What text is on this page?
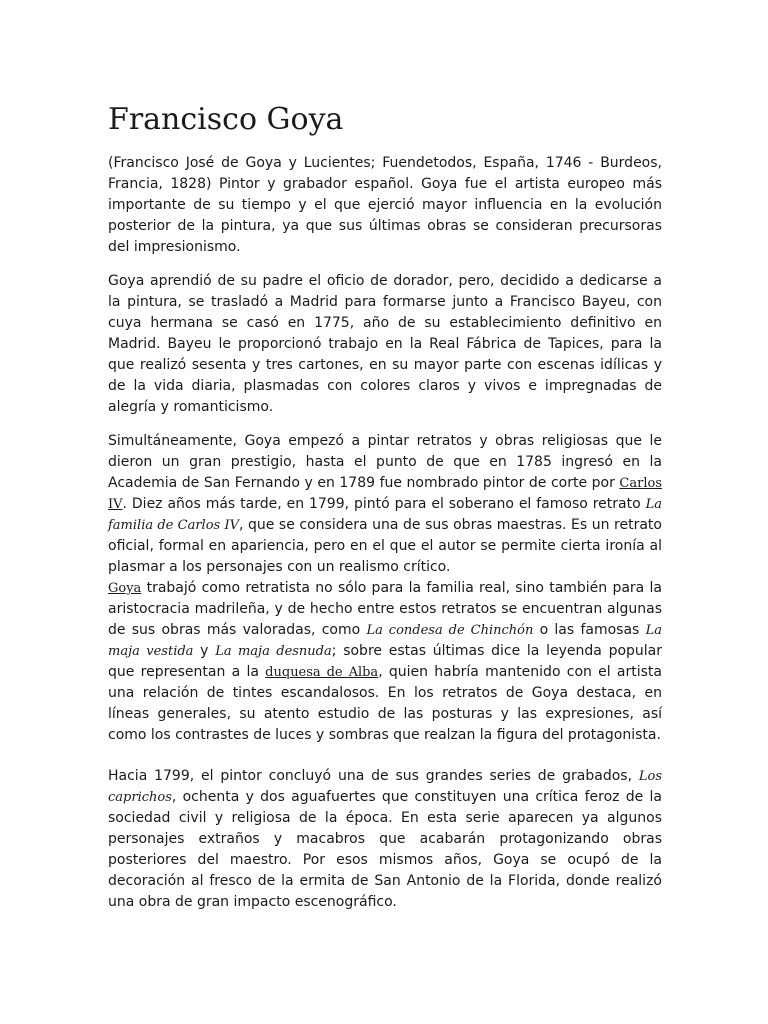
Francisco Goya

(Francisco José de Goya y Lucientes; Fuendetodos, España, 1746 - Burdeos, Francia, 1828) Pintor y grabador español. Goya fue el artista europeo más importante de su tiempo y el que ejerció mayor influencia en la evolución posterior de la pintura, ya que sus últimas obras se consideran precursoras del impresionismo.

Goya aprendió de su padre el oficio de dorador, pero, decidido a dedicarse a la pintura, se trasladó a Madrid para formarse junto a Francisco Bayeu, con cuya hermana se casó en 1775, año de su establecimiento definitivo en Madrid. Bayeu le proporcionó trabajo en la Real Fábrica de Tapices, para la que realizó sesenta y tres cartones, en su mayor parte con escenas idílicas y de la vida diaria, plasmadas con colores claros y vivos e impregnadas de alegría y romanticismo.

Simultáneamente, Goya empezó a pintar retratos y obras religiosas que le dieron un gran prestigio, hasta el punto de que en 1785 ingresó en la Academia de San Fernando y en 1789 fue nombrado pintor de corte por Carlos IV. Diez años más tarde, en 1799, pintó para el soberano el famoso retrato La familia de Carlos IV, que se considera una de sus obras maestras. Es un retrato oficial, formal en apariencia, pero en el que el autor se permite cierta ironía al plasmar a los personajes con un realismo crítico.

Goya trabajó como retratista no sólo para la familia real, sino también para la aristocracia madrileña, y de hecho entre estos retratos se encuentran algunas de sus obras más valoradas, como La condesa de Chinchón o las famosas La maja vestida y La maja desnuda; sobre estas últimas dice la leyenda popular que representan a la duquesa de Alba, quien habría mantenido con el artista una relación de tintes escandalosos. En los retratos de Goya destaca, en líneas generales, su atento estudio de las posturas y las expresiones, así como los contrastes de luces y sombras que realzan la figura del protagonista.

Hacia 1799, el pintor concluyó una de sus grandes series de grabados, Los caprichos, ochenta y dos aguafuertes que constituyen una crítica feroz de la sociedad civil y religiosa de la época. En esta serie aparecen ya algunos personajes extraños y macabros que acabarán protagonizando obras posteriores del maestro. Por esos mismos años, Goya se ocupó de la decoración al fresco de la ermita de San Antonio de la Florida, donde realizó una obra de gran impacto escenográfico.
